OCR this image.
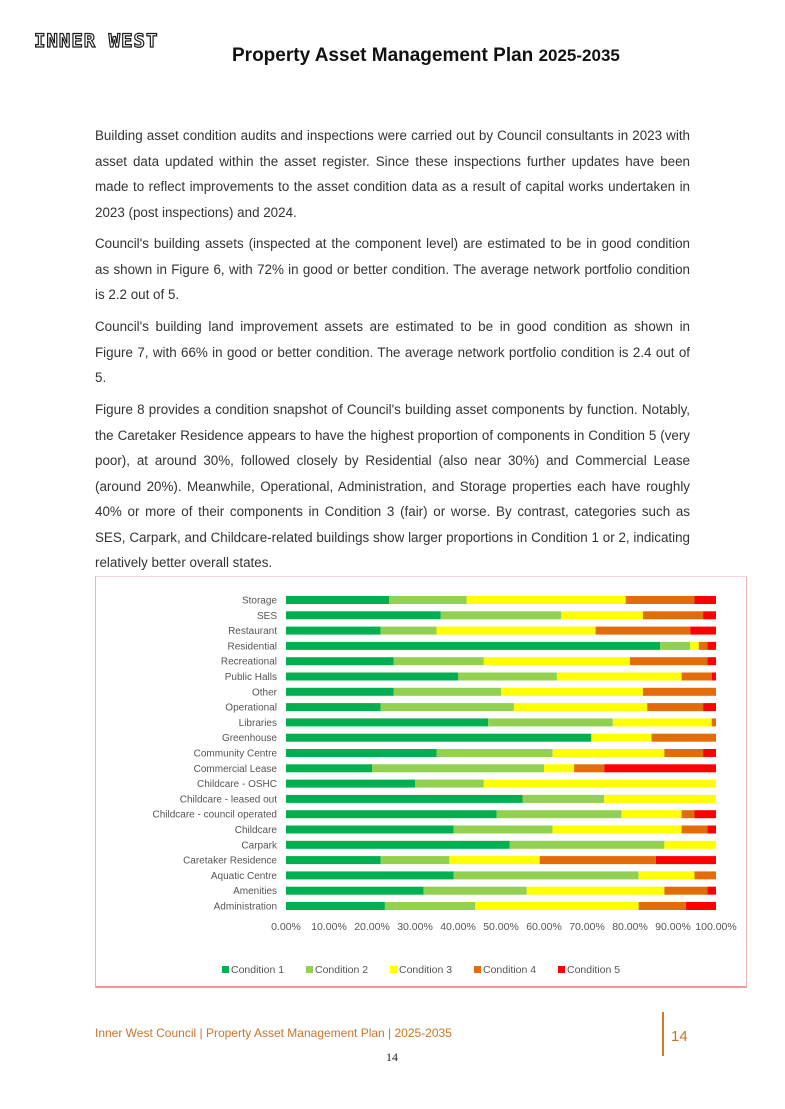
INNER WEST
Property Asset Management Plan 2025-2035

Building asset condition audits and inspections were carried out by Council consultants in 2023 with asset data updated within the asset register. Since these inspections further updates have been made to reflect improvements to the asset condition data as a result of capital works undertaken in 2023 (post inspections) and 2024.

Council's building assets (inspected at the component level) are estimated to be in good condition as shown in Figure 6, with 72% in good or better condition. The average network portfolio condition is 2.2 out of 5.

Council's building land improvement assets are estimated to be in good condition as shown in Figure 7, with 66% in good or better condition. The average network portfolio condition is 2.4 out of 5.

Figure 8 provides a condition snapshot of Council's building asset components by function. Notably, the Caretaker Residence appears to have the highest proportion of components in Condition 5 (very poor), at around 30%, followed closely by Residential (also near 30%) and Commercial Lease (around 20%). Meanwhile, Operational, Administration, and Storage properties each have roughly 40% or more of their components in Condition 3 (fair) or worse. By contrast, categories such as SES, Carpark, and Childcare-related buildings show larger proportions in Condition 1 or 2, indicating relatively better overall states.

Storage
SES
Restaurant
Residential
Recreational
Public Halls
Other
Operational
Libraries
Greenhouse
Community Centre
Commercial Lease
Childcare - OSHC
Childcare - leased out
Childcare - council operated
Childcare
Carpark
Caretaker Residence
Aquatic Centre
Amenities
Administration
0.00% 10.00% 20.00% 30.00% 40.00% 50.00% 60.00% 70.00% 80.00% 90.00% 100.00%
Condition 1	Condition 2	Condition 3	Condition 4	Condition 5
Inner West Council | Property Asset Management Plan | 2025-2035	14
14
